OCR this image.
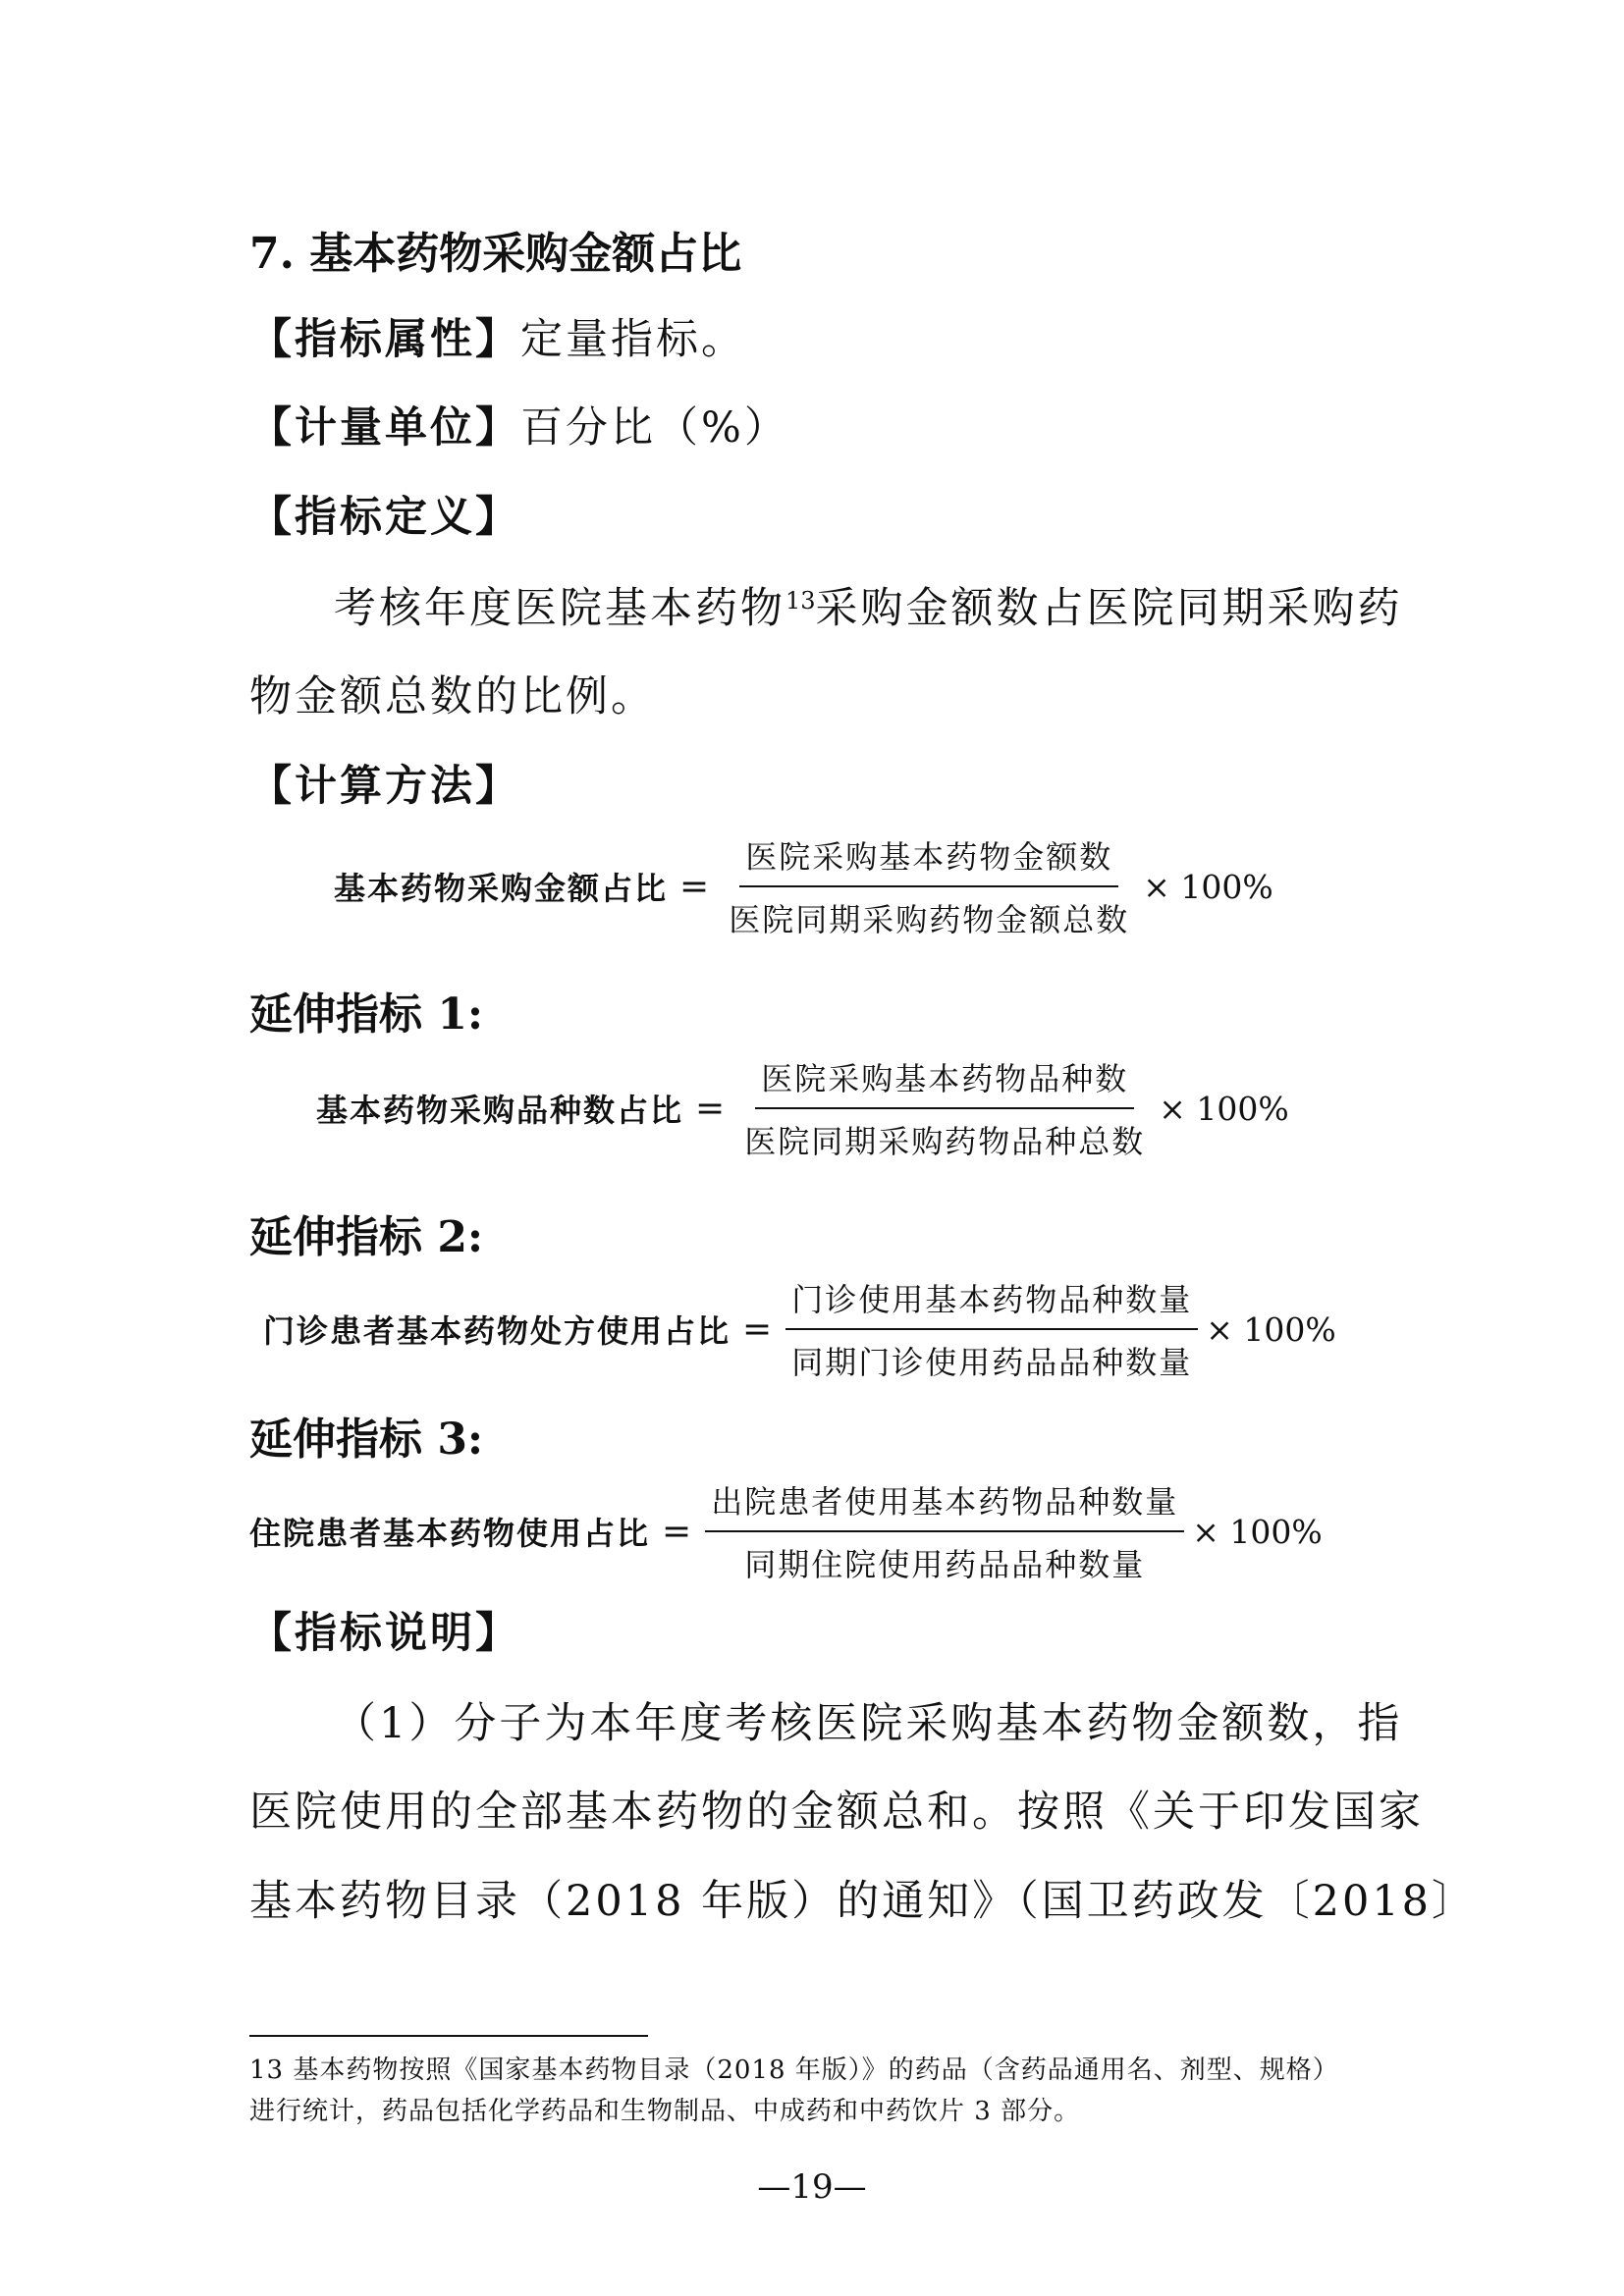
7. 基本药物采购金额占比
【指标属性】定量指标。
【计量单位】百分比（%）
【指标定义】
考核年度医院基本药物$^{13}$采购金额数占医院同期采购药
物金额总数的比例。
【计算方法】
基本药物采购金额占比 = $\frac{\text{医院采购基本药物金额数}}{\text{医院同期采购药物金额总数}} \times 100\%$
延伸指标 1:
基本药物采购品种数占比 = $\frac{\text{医院采购基本药物品种数}}{\text{医院同期采购药物品种总数}} \times 100\%$
延伸指标 2:
门诊患者基本药物处方使用占比 = $\frac{\text{门诊使用基本药物品种数量}}{\text{同期门诊使用药品品种数量}} \times 100\%$
延伸指标 3:
住院患者基本药物使用占比 = $\frac{\text{出院患者使用基本药物品种数量}}{\text{同期住院使用药品品种数量}} \times 100\%$
【指标说明】
（1）分子为本年度考核医院采购基本药物金额数，指
医院使用的全部基本药物的金额总和。按照《关于印发国家
基本药物目录（2018 年版）的通知》（国卫药政发〔2018〕
13 基本药物按照《国家基本药物目录（2018 年版）》的药品（含药品通用名、剂型、规格）
进行统计，药品包括化学药品和生物制品、中成药和中药饮片 3 部分。
—19—
